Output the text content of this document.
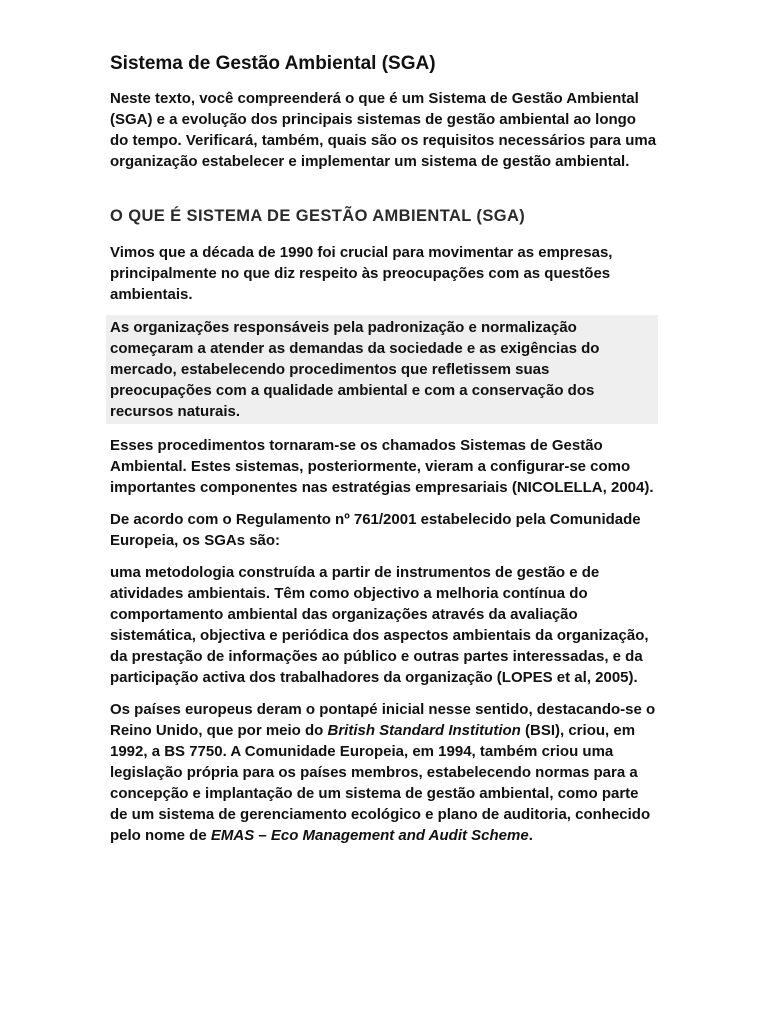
Sistema de Gestão Ambiental (SGA)

Neste texto, você compreenderá o que é um Sistema de Gestão Ambiental (SGA) e a evolução dos principais sistemas de gestão ambiental ao longo do tempo. Verificará, também, quais são os requisitos necessários para uma organização estabelecer e implementar um sistema de gestão ambiental.

O QUE É SISTEMA DE GESTÃO AMBIENTAL (SGA)

Vimos que a década de 1990 foi crucial para movimentar as empresas, principalmente no que diz respeito às preocupações com as questões ambientais.

As organizações responsáveis pela padronização e normalização começaram a atender as demandas da sociedade e as exigências do mercado, estabelecendo procedimentos que refletissem suas preocupações com a qualidade ambiental e com a conservação dos recursos naturais.

Esses procedimentos tornaram-se os chamados Sistemas de Gestão Ambiental. Estes sistemas, posteriormente, vieram a configurar-se como importantes componentes nas estratégias empresariais (NICOLELLA, 2004).

De acordo com o Regulamento nº 761/2001 estabelecido pela Comunidade Europeia, os SGAs são:

uma metodologia construída a partir de instrumentos de gestão e de atividades ambientais. Têm como objectivo a melhoria contínua do comportamento ambiental das organizações através da avaliação sistemática, objectiva e periódica dos aspectos ambientais da organização, da prestação de informações ao público e outras partes interessadas, e da participação activa dos trabalhadores da organização (LOPES et al, 2005).

Os países europeus deram o pontapé inicial nesse sentido, destacando-se o Reino Unido, que por meio do British Standard Institution (BSI), criou, em 1992, a BS 7750. A Comunidade Europeia, em 1994, também criou uma legislação própria para os países membros, estabelecendo normas para a concepção e implantação de um sistema de gestão ambiental, como parte de um sistema de gerenciamento ecológico e plano de auditoria, conhecido pelo nome de EMAS – Eco Management and Audit Scheme.
